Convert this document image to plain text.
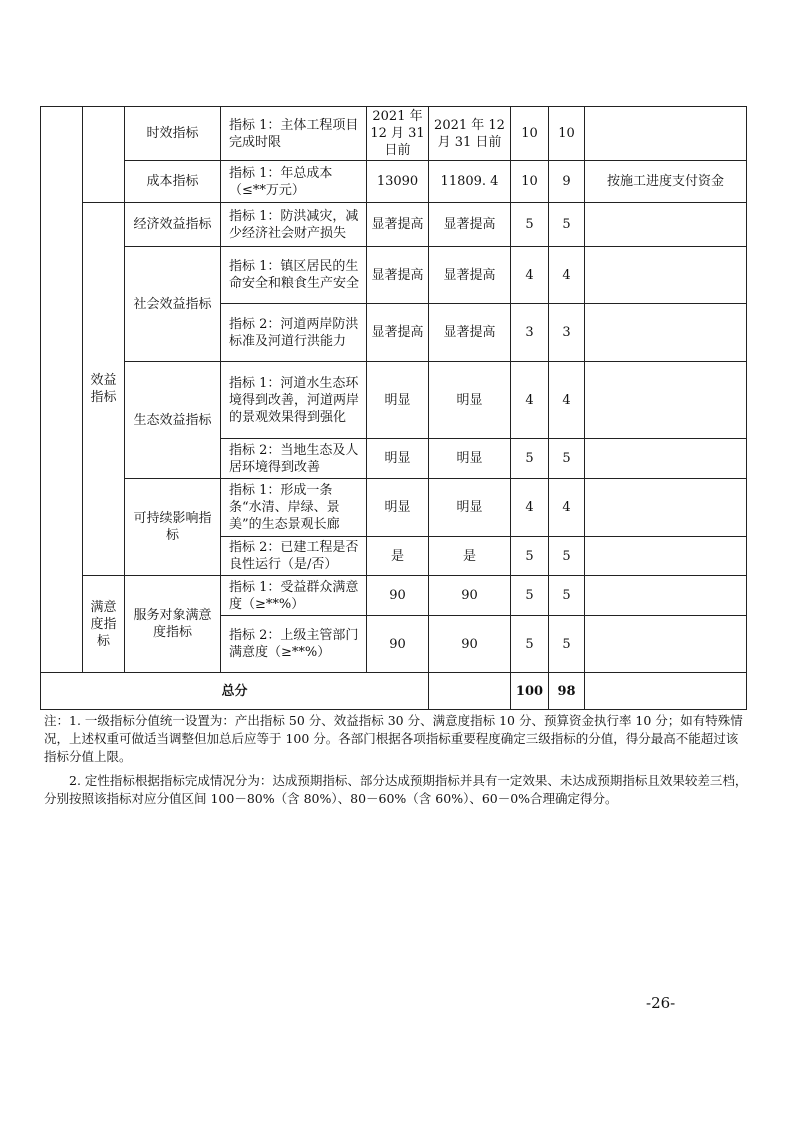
		时效指标	指标 1：主体工程项目完成时限	2021 年 12 月 31 日前	2021 年 12 月 31 日前	10	10	
		成本指标	指标 1：年总成本（≤**万元）	13090	11809. 4	10	9	按施工进度支付资金
	效益指标	经济效益指标	指标 1：防洪减灾，减少经济社会财产损失	显著提高	显著提高	5	5	
		社会效益指标	指标 1：镇区居民的生命安全和粮食生产安全	显著提高	显著提高	4	4	
			指标 2：河道两岸防洪标准及河道行洪能力	显著提高	显著提高	3	3	
		生态效益指标	指标 1：河道水生态环境得到改善，河道两岸的景观效果得到强化	明显	明显	4	4	
			指标 2：当地生态及人居环境得到改善	明显	明显	5	5	
		可持续影响指标	指标 1：形成一条条“水清、岸绿、景美”的生态景观长廊	明显	明显	4	4	
			指标 2：已建工程是否 良性运行（是/否）	是	是	5	5	
	满意度指标	服务对象满意度指标	指标 1：受益群众满意度（≥**%）	90	90	5	5	
			指标 2：上级主管部门满意度（≥**%）	90	90	5	5	
总分						100	98	

注：1. 一级指标分值统一设置为：产出指标 50 分、效益指标 30 分、满意度指标 10 分、预算资金执行率 10 分；如有特殊情况，上述权重可做适当调整但加总后应等于 100 分。各部门根据各项指标重要程度确定三级指标的分值，得分最高不能超过该指标分值上限。

2. 定性指标根据指标完成情况分为：达成预期指标、部分达成预期指标并具有一定效果、未达成预期指标且效果较差三档，分别按照该指标对应分值区间 100－80%（含 80%）、80－60%（含 60%）、60－0%合理确定得分。

-26-
